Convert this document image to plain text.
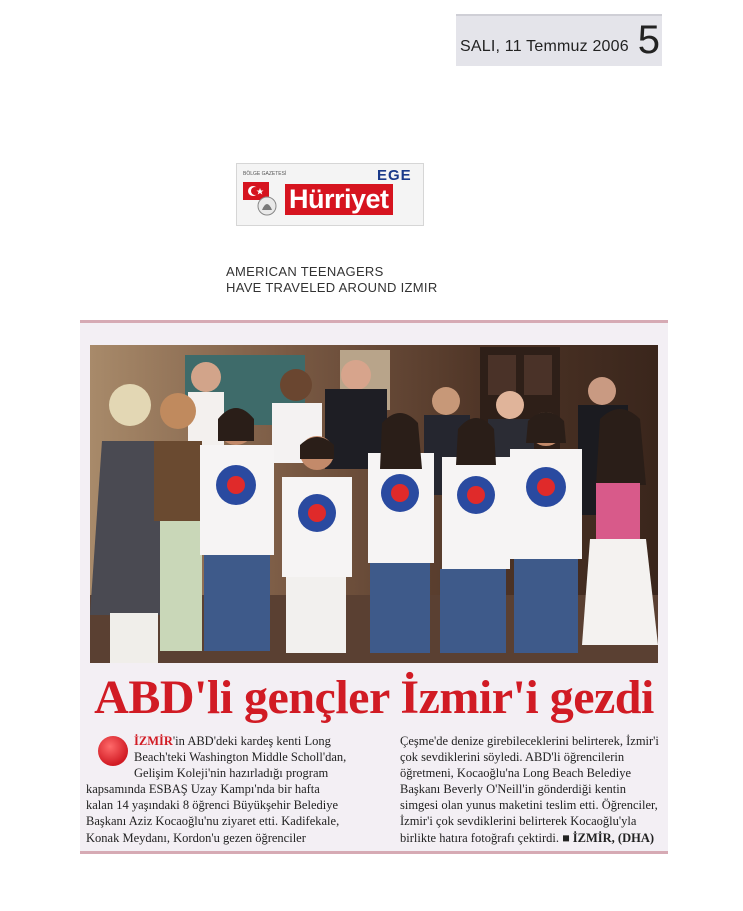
SALI, 11 Temmuz 2006 5
BÖLGE GAZETESİ	EGE
Hürriyet
AMERICAN TEENAGERS
HAVE TRAVELED AROUND IZMIR
ABD'li gençler İzmir'i gezdi
İZMİR'in ABD'deki kardeş kenti Long
Beach'teki Washington Middle Scholl'dan,
Gelişim Koleji'nin hazırladığı program
kapsamında ESBAŞ Uzay Kampı'nda bir hafta
kalan 14 yaşındaki 8 öğrenci Büyükşehir Belediye
Başkanı Aziz Kocaoğlu'nu ziyaret etti. Kadifekale,
Konak Meydanı, Kordon'u gezen öğrenciler
Çeşme'de denize girebileceklerini belirterek, İzmir'i
çok sevdiklerini söyledi. ABD'li öğrencilerin
öğretmeni, Kocaoğlu'na Long Beach Belediye
Başkanı Beverly O'Neill'in gönderdiği kentin
simgesi olan yunus maketini teslim etti. Öğrenciler,
İzmir'i çok sevdiklerini belirterek Kocaoğlu'yla
birlikte hatıra fotoğrafı çektirdi. ■ İZMİR, (DHA)
